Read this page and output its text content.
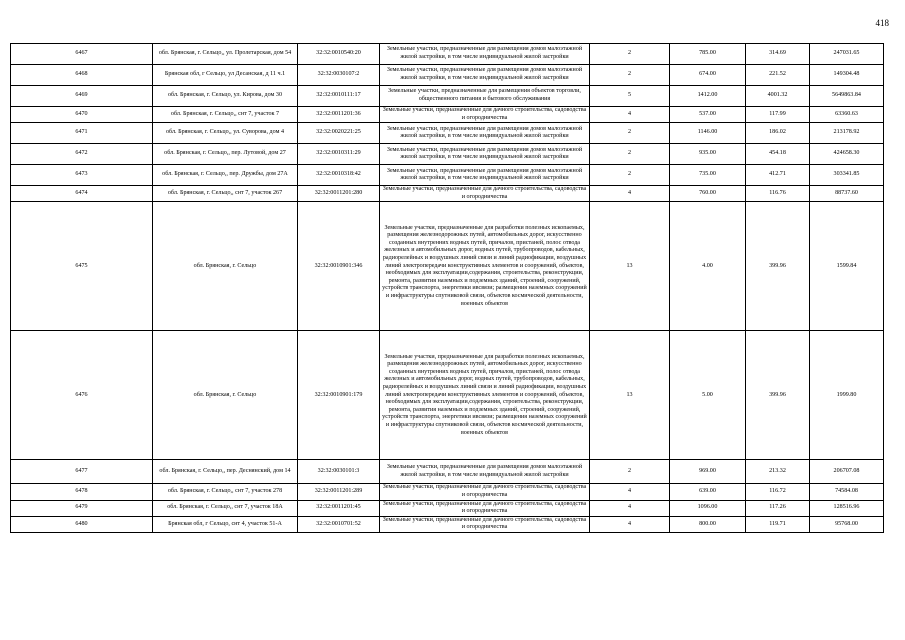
418
6467	обл. Брянская, г. Сельцо,, ул. Пролетарская, дом 54	32:32:0010540:20	Земельные участки, предназначенные для размещения домов малоэтажной жилой застройки, в том числе индивидуальной жилой застройки	2	785.00	314.69	247031.65
6468	Брянская обл, г Сельцо, ул Десанская, д 11 ч.1	32:32:0030107:2	Земельные участки, предназначенные для размещения домов малоэтажной жилой застройки, в том числе индивидуальной жилой застройки	2	674.00	221.52	149304.48
6469	обл. Брянская, г. Сельцо, ул. Кирова, дом 30	32:32:0010111:17	Земельные участки, предназначенные для размещения объектов торговли, общественного питания и бытового обслуживания	5	1412.00	4001.32	5649863.84
6470	обл. Брянская, г. Сельцо,, снт 7, участок 7	32:32:0011201:36	Земельные участки, предназначенные для дачного строительства, садоводства и огородничества	4	537.00	117.99	63360.63
6471	обл. Брянская, г. Сельцо,, ул. Суворова, дом 4	32:32:0020221:25	Земельные участки, предназначенные для размещения домов малоэтажной жилой застройки, в том числе индивидуальной жилой застройки	2	1146.00	186.02	213178.92
6472	обл. Брянская, г. Сельцо,, пер. Лутовой, дом 27	32:32:0010311:29	Земельные участки, предназначенные для размещения домов малоэтажной жилой застройки, в том числе индивидуальной жилой застройки	2	935.00	454.18	424658.30
6473	обл. Брянская, г. Сельцо,, пер. Дружбы, дом 27А	32:32:0010318:42	Земельные участки, предназначенные для размещения домов малоэтажной жилой застройки, в том числе индивидуальной жилой застройки	2	735.00	412.71	303341.85
6474	обл. Брянская, г. Сельцо,, снт 7, участок 267	32:32:0011201:280	Земельные участки, предназначенные для дачного строительства, садоводства и огородничества	4	760.00	116.76	88737.60
6475	обл. Брянская, г. Сельцо	32:32:0010901:346	Земельные участки, предназначенные для разработки полезных ископаемых, размещения железнодорожных путей, автомобильных дорог, искусственно созданных внутренних водных путей, причалов, пристаней, полос отвода железных и автомобильных дорог, водных путей, трубопроводов, кабельных, радиорелейных и воздушных линий связи и линий радиофикации, воздушных линий электропередачи конструктивных элементов и сооружений, объектов, необходимых для эксплуатации,содержания, строительства, реконструкции, ремонта, развития наземных и подземных зданий, строений, сооружений, устройств транспорта, энергетики ивсвязи; размещения наземных сооружений и инфраструктуры спутниковой связи, объектов космической деятельности, военных объектов	13	4.00	399.96	1599.84
6476	обл. Брянская, г. Сельцо	32:32:0010901:179	Земельные участки, предназначенные для разработки полезных ископаемых, размещения железнодорожных путей, автомобильных дорог, искусственно созданных внутренних водных путей, причалов, пристаней, полос отвода железных и автомобильных дорог, водных путей, трубопроводов, кабельных, радиорелейных и воздушных линий связи и линий радиофикации, воздушных линий электропередачи конструктивных элементов и сооружений, объектов, необходимых для эксплуатации,содержания, строительства, реконструкции, ремонта, развития наземных и подземных зданий, строений, сооружений, устройств транспорта, энергетики ивсвязи; размещения наземных сооружений и инфраструктуры спутниковой связи, объектов космической деятельности, военных объектов	13	5.00	399.96	1999.80
6477	обл. Брянская, г. Сельцо,, пер. Деснянский, дом 14	32:32:0030101:3	Земельные участки, предназначенные для размещения домов малоэтажной жилой застройки, в том числе индивидуальной жилой застройки	2	969.00	213.32	206707.08
6478	обл. Брянская, г. Сельцо,, снт 7, участок 278	32:32:0011201:289	Земельные участки, предназначенные для дачного строительства, садоводства и огородничества	4	639.00	116.72	74584.08
6479	обл. Брянская, г. Сельцо,, снт 7, участок 18А	32:32:0011201:45	Земельные участки, предназначенные для дачного строительства, садоводства и огородничества	4	1096.00	117.26	128516.96
6480	Брянская обл, г Сельцо, снт 4, участок 51-А	32:32:0010701:52	Земельные участки, предназначенные для дачного строительства, садоводства и огородничества	4	800.00	119.71	95768.00
